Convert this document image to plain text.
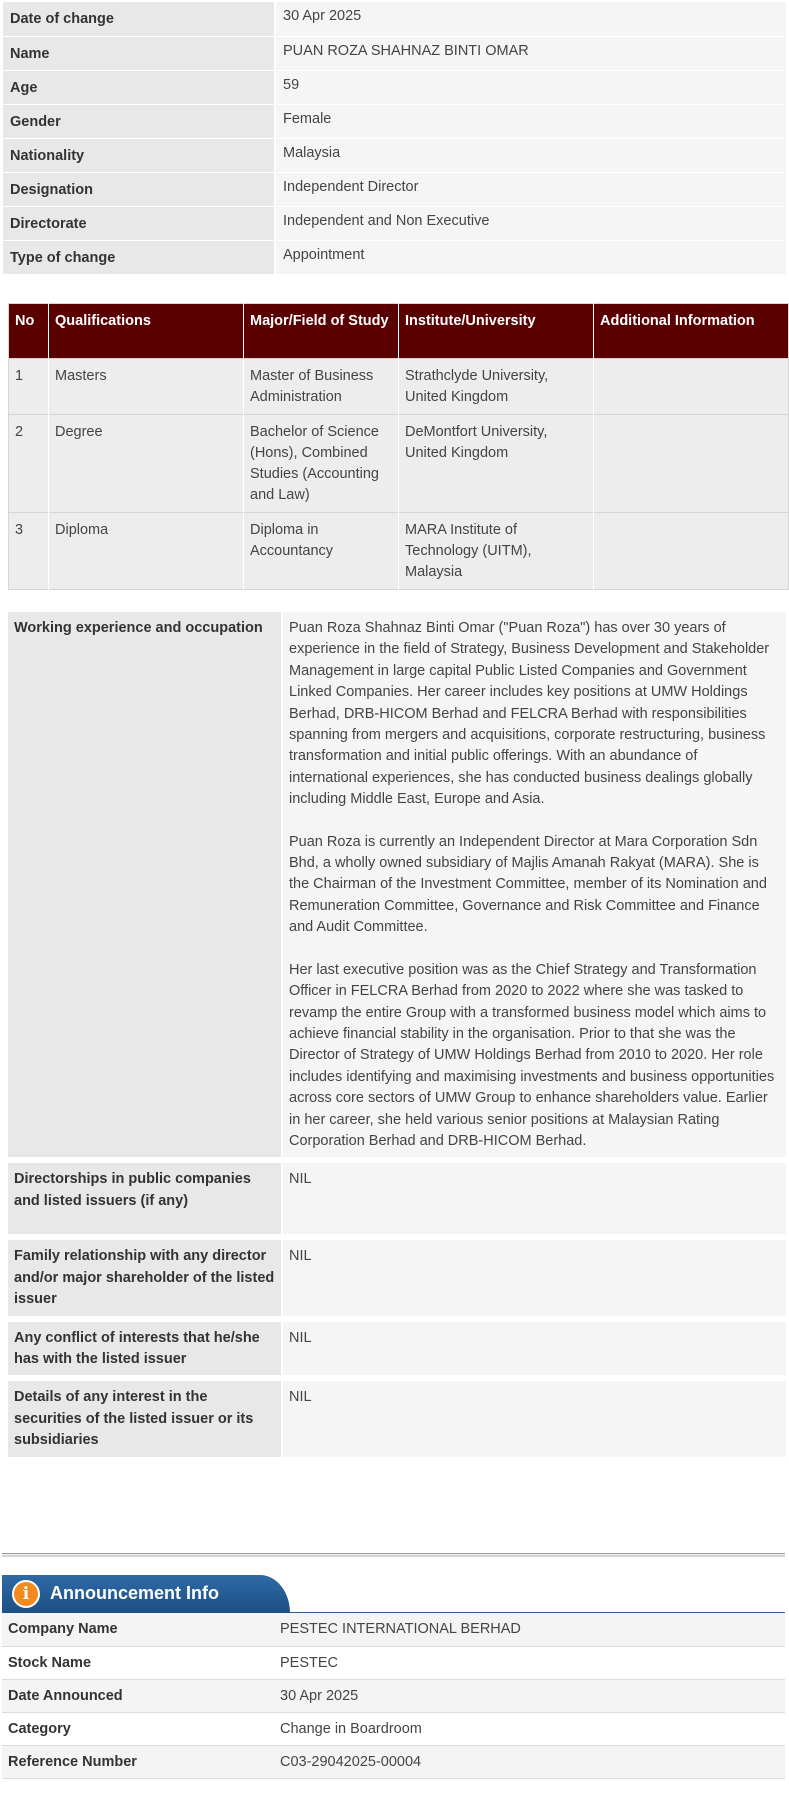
Date of change	30 Apr 2025
Name	PUAN ROZA SHAHNAZ BINTI OMAR
Age	59
Gender	Female
Nationality	Malaysia
Designation	Independent Director
Directorate	Independent and Non Executive
Type of change	Appointment
No	Qualifications	Major/Field of Study	Institute/University	Additional Information
1	Masters	Master of Business Administration	Strathclyde University, United Kingdom	
2	Degree	Bachelor of Science (Hons), Combined Studies (Accounting and Law)	DeMontfort University, United Kingdom	
3	Diploma	Diploma in Accountancy	MARA Institute of Technology (UITM), Malaysia	
Working experience and occupation	Puan Roza Shahnaz Binti Omar ("Puan Roza") has over 30 years of experience in the field of Strategy, Business Development and Stakeholder Management in large capital Public Listed Companies and Government Linked Companies. Her career includes key positions at UMW Holdings Berhad, DRB-HICOM Berhad and FELCRA Berhad with responsibilities spanning from mergers and acquisitions, corporate restructuring, business transformation and initial public offerings. With an abundance of international experiences, she has conducted business dealings globally including Middle East, Europe and Asia.

Puan Roza is currently an Independent Director at Mara Corporation Sdn Bhd, a wholly owned subsidiary of Majlis Amanah Rakyat (MARA). She is the Chairman of the Investment Committee, member of its Nomination and Remuneration Committee, Governance and Risk Committee and Finance and Audit Committee.

Her last executive position was as the Chief Strategy and Transformation Officer in FELCRA Berhad from 2020 to 2022 where she was tasked to revamp the entire Group with a transformed business model which aims to achieve financial stability in the organisation. Prior to that she was the Director of Strategy of UMW Holdings Berhad from 2010 to 2020. Her role includes identifying and maximising investments and business opportunities across core sectors of UMW Group to enhance shareholders value. Earlier in her career, she held various senior positions at Malaysian Rating Corporation Berhad and DRB-HICOM Berhad.

Directorships in public companies and listed issuers (if any)	NIL
Family relationship with any director and/or major shareholder of the listed issuer	NIL
Any conflict of interests that he/she has with the listed issuer	NIL
Details of any interest in the securities of the listed issuer or its subsidiaries	NIL
i	Announcement Info
Company Name	PESTEC INTERNATIONAL BERHAD
Stock Name	PESTEC
Date Announced	30 Apr 2025
Category	Change in Boardroom
Reference Number	C03-29042025-00004
